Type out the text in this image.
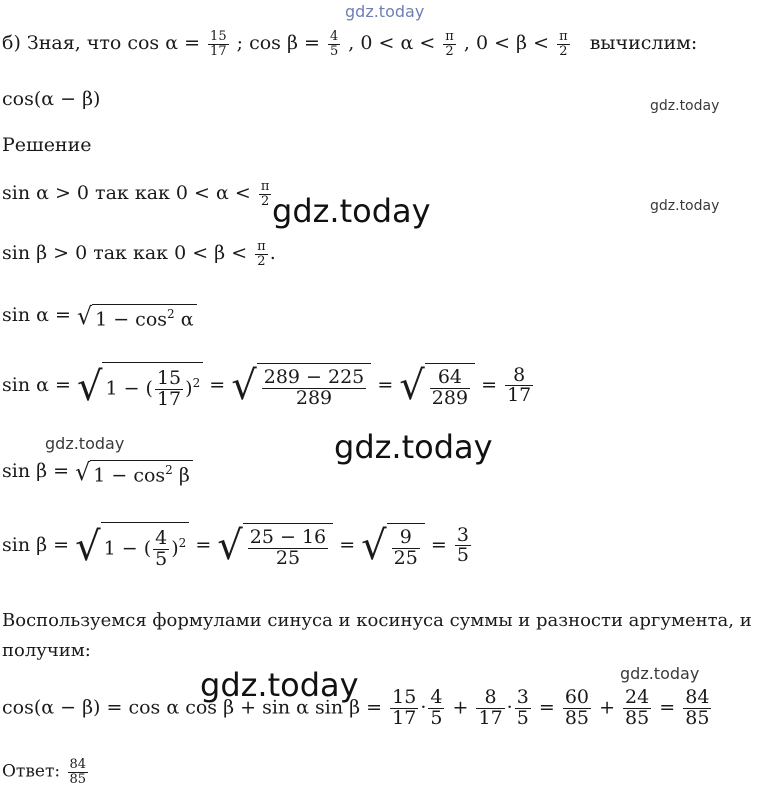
gdz.today
б) Зная, что $\cos \alpha = \frac{15}{17}$ ; $\cos \beta = \frac{4}{5}$ , $0 < \alpha < \frac{\pi}{2}$ , $0 < \beta < \frac{\pi}{2}$ вычислим:
cos(α − β)	gdz.today
Решение
sin α > 0 так как $0 < \alpha < \frac{\pi}{2}$ gdz.today	gdz.today
sin β > 0 так как $0 < \beta < \frac{\pi}{2}$ .
sin α = √ $1 - \cos^2 \alpha$
sin α = √ 1 − ( $\frac{15}{17} )^2$ = √ $\frac{289 - 225}{289}$ = √ $\frac{64}{289} = \frac{8}{17}$
gdz.today	gdz.today
sin β = √ $1 - \cos^2 \beta$
sin β = √ 1 − ( $\frac{4}{5} )^2$ = √ $\frac{25 - 16}{25}$ = √ $\frac{9}{25} = \frac{3}{5}$
Воспользуемся формулами синуса и косинуса суммы и разности аргумента, и
получим:
gdz.today
gdz.today
cos(α − β) = cos α cos β + sin α $\sin \beta = \frac{15}{17} \cdot \frac{4}{5} + \frac{8}{17} \cdot \frac{3}{5} = \frac{60}{85} + \frac{24}{85} = \frac{84}{85}$
Ответ: $\frac{84}{85}$
